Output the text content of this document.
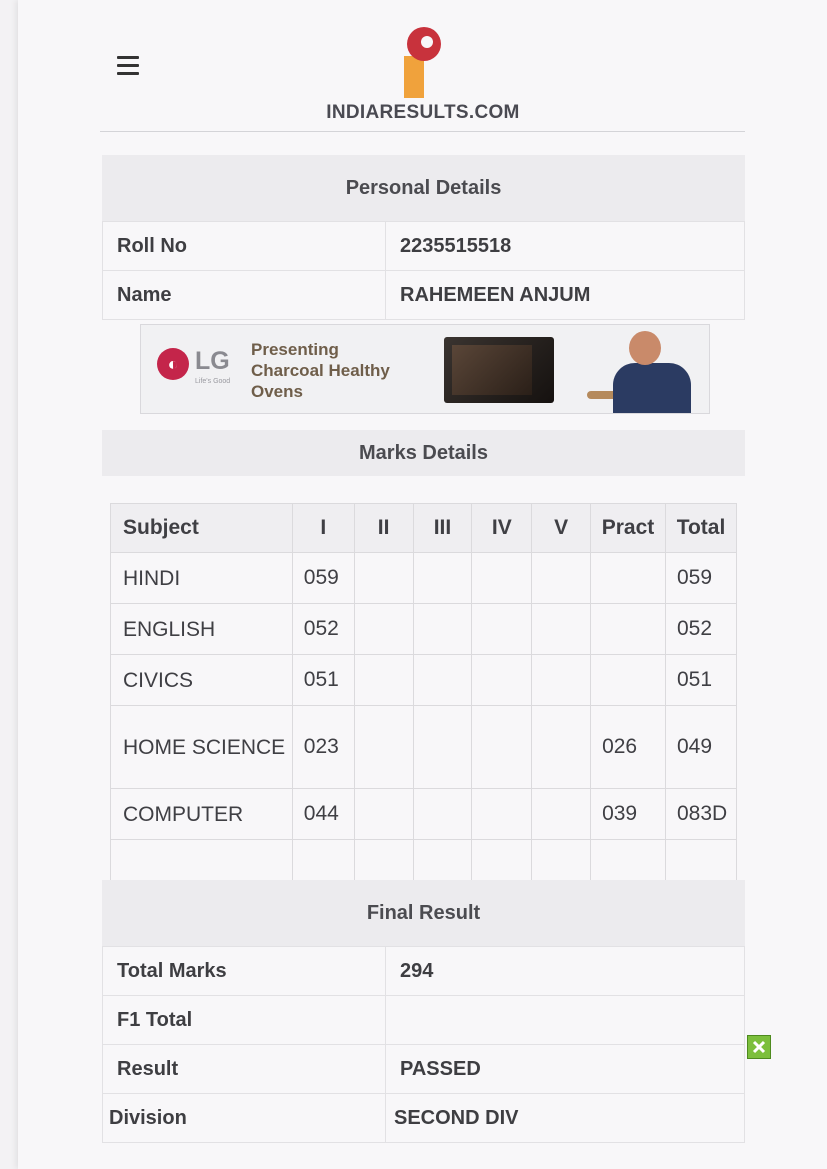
INDIARESULTS.COM
Personal Details
Roll No	2235515518
Name	RAHEMEEN ANJUM
◐ LG
Life's Good
Presenting
Charcoal Healthy
Ovens
Marks Details
Subject	I	II	III	IV	V	Pract	Total
HINDI	059						059
ENGLISH	052						052
CIVICS	051						051
HOME SCIENCE	023					026	049
COMPUTER	044					039	083D

Final Result
Total Marks	294
F1 Total	
Result	PASSED
Division	SECOND DIV
